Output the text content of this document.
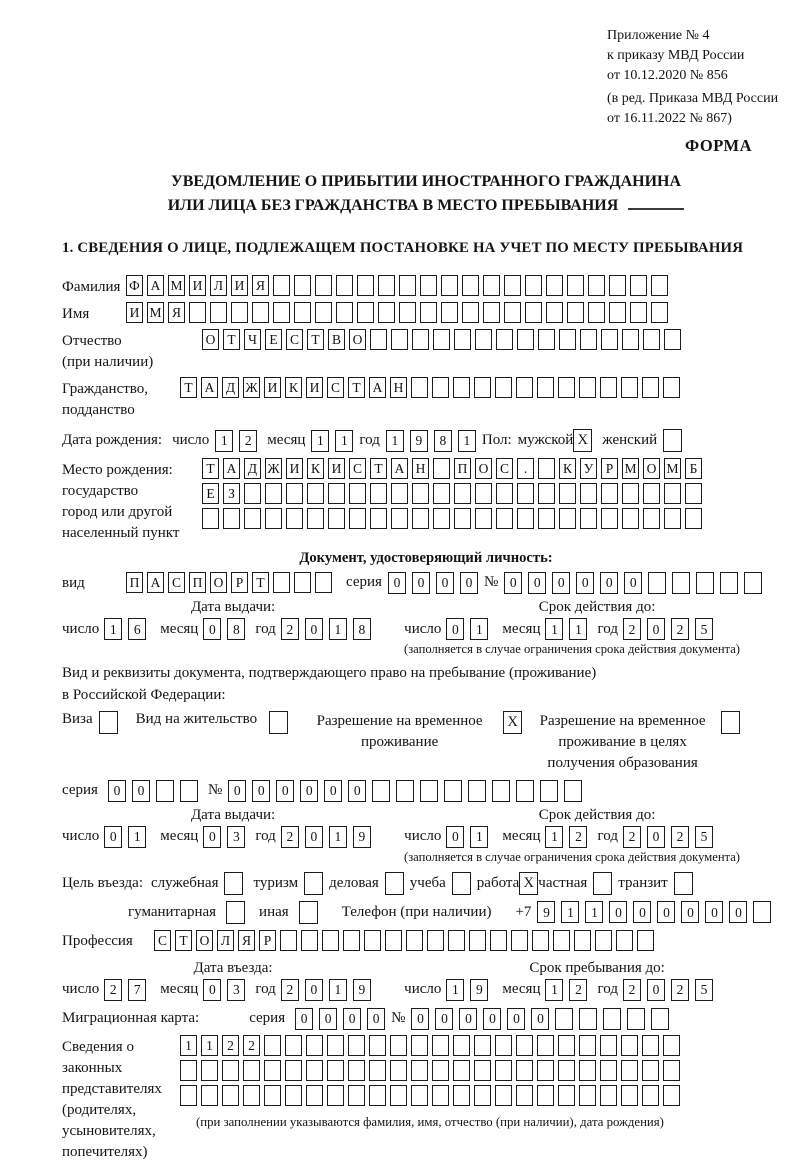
Приложение № 4
к приказу МВД России
от 10.12.2020 № 856
(в ред. Приказа МВД России
от 16.11.2022 № 867)
ФОРМА
УВЕДОМЛЕНИЕ О ПРИБЫТИИ ИНОСТРАННОГО ГРАЖДАНИНА
ИЛИ ЛИЦА БЕЗ ГРАЖДАНСТВА В МЕСТО ПРЕБЫВАНИЯ
1. СВЕДЕНИЯ О ЛИЦЕ, ПОДЛЕЖАЩЕМ ПОСТАНОВКЕ НА УЧЕТ ПО МЕСТУ ПРЕБЫВАНИЯ
Фамилия Ф А М И Л И Я
Имя	И М Я
Отчество
(при наличии)
О Т Ч Е С Т В О
Гражданство,
подданство
Т А Д Ж И К И С Т А Н
Дата рождения: число 1	2	месяц 1	1 год 1	9	8	1 Пол: мужской X женский
Место рождения:
государство
город или другой
населенный пункт
Т А Д Ж И К И С Т А Н П О С	.	К У Р М О М Б
Е З
Документ, удостоверяющий личность:
вид	П А С П О Р Т	серия 0	0	0	0 № 0	0	0	0	0	0
Дата выдачи:	Срок действия до:
число 1	6	месяц 0	8	год 2	0	1	8	число 0	1	месяц 1	1	год 2	0	2	5
(заполняется в случае ограничения срока действия документа)
Вид и реквизиты документа, подтверждающего право на пребывание (проживание)
в Российской Федерации:
Виза	Вид на жительство	Разрешение на временное проживание
X	Разрешение на временное проживание в целях получения образования
серия	0	0	№ 0	0	0	0	0	0
Дата выдачи:	Срок действия до:
число 0	1	месяц 0	3	год 2	0	1	9	число 0	1	месяц 1	2	год 2	0	2	5
(заполняется в случае ограничения срока действия документа)
Цель въезда: служебная туризм деловая учеба работа X частная транзит
гуманитарная	иная	Телефон (при наличии) +7 9	1	1	0	0	0	0	0	0
Профессия	С Т О Л Я Р
Дата въезда:	Срок пребывания до:
число 2	7	месяц 0	3	год 2	0	1	9	число 1	9	месяц 1	2	год 2	0	2	5
Миграционная карта:	серия	0	0	0	0 № 0	0	0	0	0	0
Сведения о
законных
представителях
(родителях,
усыновителях,
попечителях)
1	1	2	2
(при заполнении указываются фамилия, имя, отчество (при наличии), дата рождения)
